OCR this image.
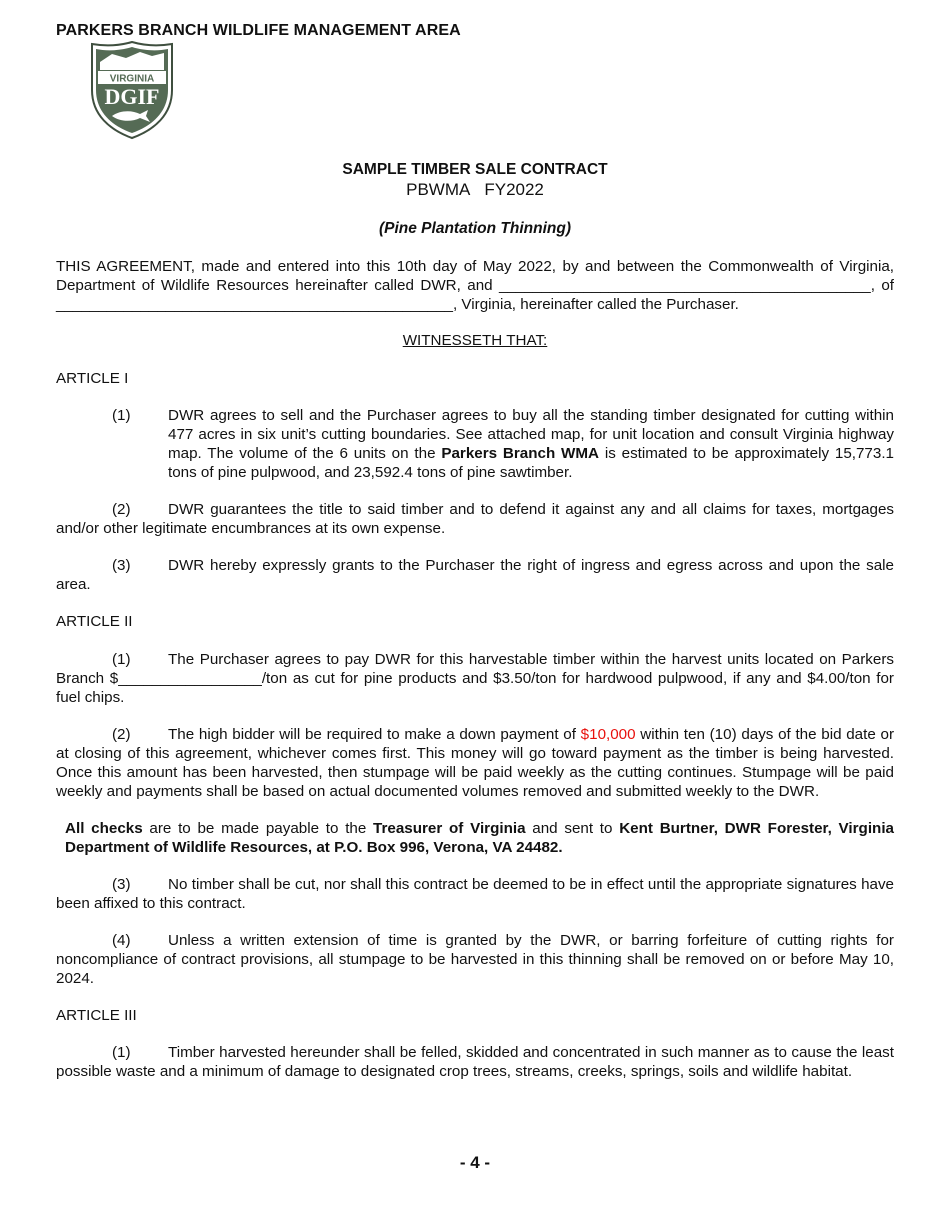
PARKERS BRANCH WILDLIFE MANAGEMENT AREA
VIRGINIA
DGIF
SAMPLE TIMBER SALE CONTRACT
PBWMA FY2022
(Pine Plantation Thinning)
THIS AGREEMENT, made and entered into this 10th day of May 2022, by and between the Commonwealth of Virginia,
Department of Wildlife Resources hereinafter called DWR, and ____________________________________________, of
_______________________________________________, Virginia, hereinafter called the Purchaser.
WITNESSETH THAT:
ARTICLE I
(1) DWR agrees to sell and the Purchaser agrees to buy all the standing timber designated for cutting within 477 acres in six unit’s cutting boundaries. See attached map, for unit location and consult Virginia highway map. The volume of the 6 units on the Parkers Branch WMA is estimated to be approximately 15,773.1 tons of pine pulpwood, and 23,592.4 tons of pine sawtimber.
(2) DWR guarantees the title to said timber and to defend it against any and all claims for taxes, mortgages and/or other legitimate encumbrances at its own expense.
(3) DWR hereby expressly grants to the Purchaser the right of ingress and egress across and upon the sale area.
ARTICLE II
(1) The Purchaser agrees to pay DWR for this harvestable timber within the harvest units located on Parkers Branch $_________________/ton as cut for pine products and $3.50/ton for hardwood pulpwood, if any and $4.00/ton for fuel chips.
(2) The high bidder will be required to make a down payment of $10,000 within ten (10) days of the bid date or at closing of this agreement, whichever comes first. This money will go toward payment as the timber is being harvested. Once this amount has been harvested, then stumpage will be paid weekly as the cutting continues. Stumpage will be paid weekly and payments shall be based on actual documented volumes removed and submitted weekly to the DWR.
All checks are to be made payable to the Treasurer of Virginia and sent to Kent Burtner, DWR Forester, Virginia Department of Wildlife Resources, at P.O. Box 996, Verona, VA 24482.
(3) No timber shall be cut, nor shall this contract be deemed to be in effect until the appropriate signatures have been affixed to this contract.
(4) Unless a written extension of time is granted by the DWR, or barring forfeiture of cutting rights for noncompliance of contract provisions, all stumpage to be harvested in this thinning shall be removed on or before May 10, 2024.
ARTICLE III
(1) Timber harvested hereunder shall be felled, skidded and concentrated in such manner as to cause the least possible waste and a minimum of damage to designated crop trees, streams, creeks, springs, soils and wildlife habitat.
- 4 -
